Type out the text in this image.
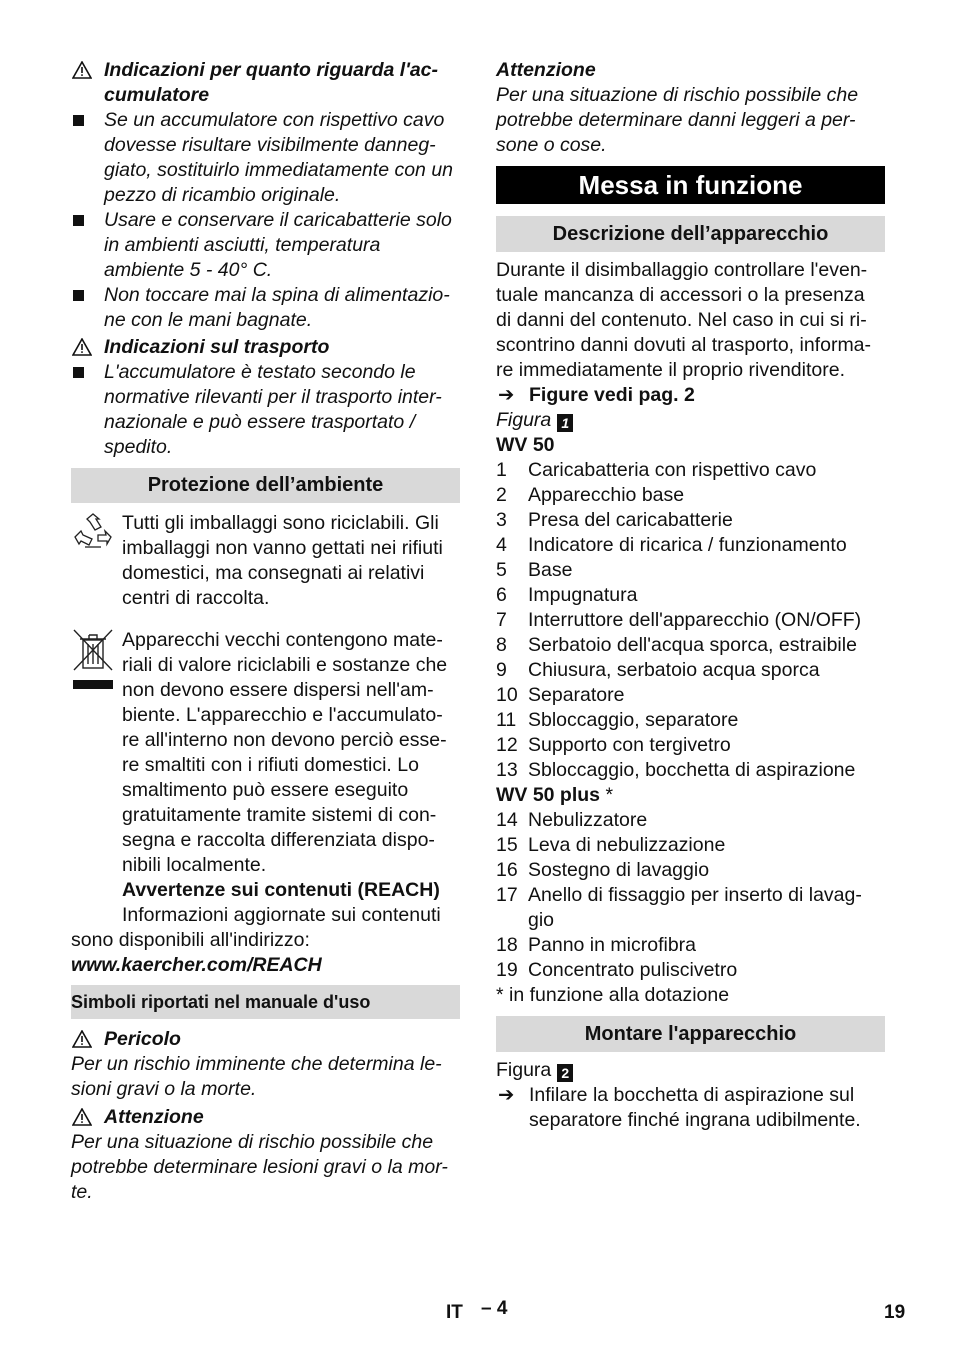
Indicazioni per quanto riguarda l'ac-cumulatore
Se un accumulatore con rispettivo cavo dovesse risultare visibilmente danneg-giato, sostituirlo immediatamente con un pezzo di ricambio originale.
Usare e conservare il caricabatterie solo in ambienti asciutti, temperatura ambiente 5 - 40° C.
Non toccare mai la spina di alimentazio-ne con le mani bagnate.
Indicazioni sul trasporto
L'accumulatore è testato secondo le normative rilevanti per il trasporto inter-nazionale e può essere trasportato / spedito.
Protezione dell’ambiente
Tutti gli imballaggi sono riciclabili. Gli imballaggi non vanno gettati nei rifiuti domestici, ma consegnati ai relativi centri di raccolta.
Apparecchi vecchi contengono mate-riali di valore riciclabili e sostanze che non devono essere dispersi nell'am-biente. L'apparecchio e l'accumulato-re all'interno non devono perciò esse-re smaltiti con i rifiuti domestici. Lo smaltimento può essere eseguito gratuitamente tramite sistemi di con-segna e raccolta differenziata dispo-nibili localmente.
Avvertenze sui contenuti (REACH)
Informazioni aggiornate sui contenuti sono disponibili all'indirizzo:
www.kaercher.com/REACH
Simboli riportati nel manuale d'uso
Pericolo
Per un rischio imminente che determina le-sioni gravi o la morte.
Attenzione
Per una situazione di rischio possibile che potrebbe determinare lesioni gravi o la mor-te.
Attenzione
Per una situazione di rischio possibile che potrebbe determinare danni leggeri a per-sone o cose.
Messa in funzione
Descrizione dell’apparecchio
Durante il disimballaggio controllare l'even-tuale mancanza di accessori o la presenza di danni del contenuto. Nel caso in cui si ri-scontrino danni dovuti al trasporto, informa-re immediatamente il proprio rivenditore.
➔ Figure vedi pag. 2
Figura 1
WV 50
1 Caricabatteria con rispettivo cavo
2 Apparecchio base
3 Presa del caricabatterie
4 Indicatore di ricarica / funzionamento
5 Base
6 Impugnatura
7 Interruttore dell'apparecchio (ON/OFF)
8 Serbatoio dell'acqua sporca, estraibile
9 Chiusura, serbatoio acqua sporca
10 Separatore
11 Sbloccaggio, separatore
12 Supporto con tergivetro
13 Sbloccaggio, bocchetta di aspirazione
WV 50 plus *
14 Nebulizzatore
15 Leva di nebulizzazione
16 Sostegno di lavaggio
17 Anello di fissaggio per inserto di lavag-gio
18 Panno in microfibra
19 Concentrato puliscivetro
* in funzione alla dotazione
Montare l'apparecchio
Figura 2
➔ Infilare la bocchetta di aspirazione sul separatore finché ingrana udibilmente.
IT – 4	19
